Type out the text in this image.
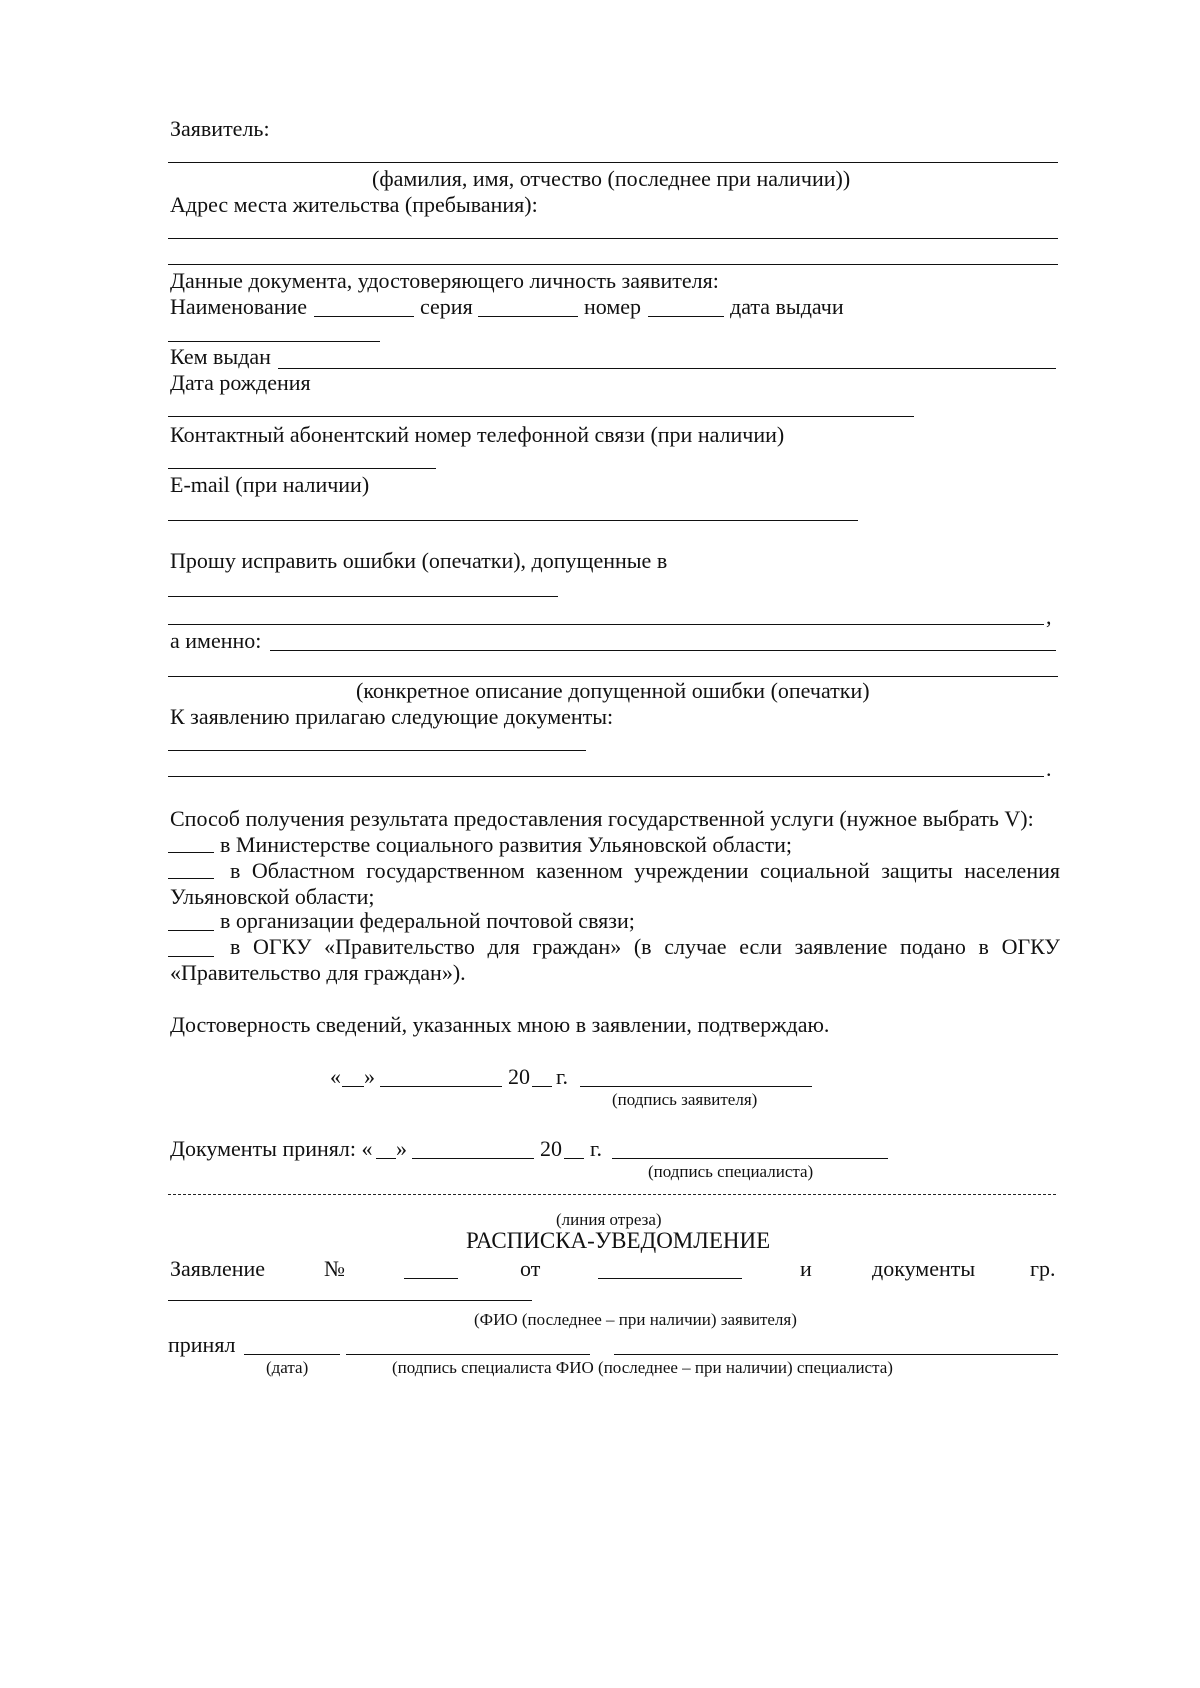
Заявитель:
(фамилия, имя, отчество (последнее при наличии))
Адрес места жительства (пребывания):
Данные документа, удостоверяющего личность заявителя:
Наименование	серия	номер	дата выдачи
Кем выдан
Дата рождения
Контактный абонентский номер телефонной связи (при наличии)
E-mail (при наличии)
Прошу исправить ошибки (опечатки), допущенные в
,
а именно:
(конкретное описание допущенной ошибки (опечатки)
К заявлению прилагаю следующие документы:
.
Способ получения результата предоставления государственной услуги (нужное выбрать V):
в Министерстве социального развития Ульяновской области;
в Областном государственном казенном учреждении социальной защиты населения Ульяновской области;
в организации федеральной почтовой связи;
в ОГКУ «Правительство для граждан» (в случае если заявление подано в ОГКУ «Правительство для граждан»).
Достоверность сведений, указанных мною в заявлении, подтверждаю.
« »	20 г.
(подпись заявителя)
Документы принял: « »	20 г.
(подпись специалиста)
(линия отреза)
РАСПИСКА-УВЕДОМЛЕНИЕ
Заявление	№	от	и	документы гр.
(ФИО (последнее – при наличии) заявителя)
принял
(дата)	(подпись специалиста ФИО (последнее – при наличии) специалиста)
